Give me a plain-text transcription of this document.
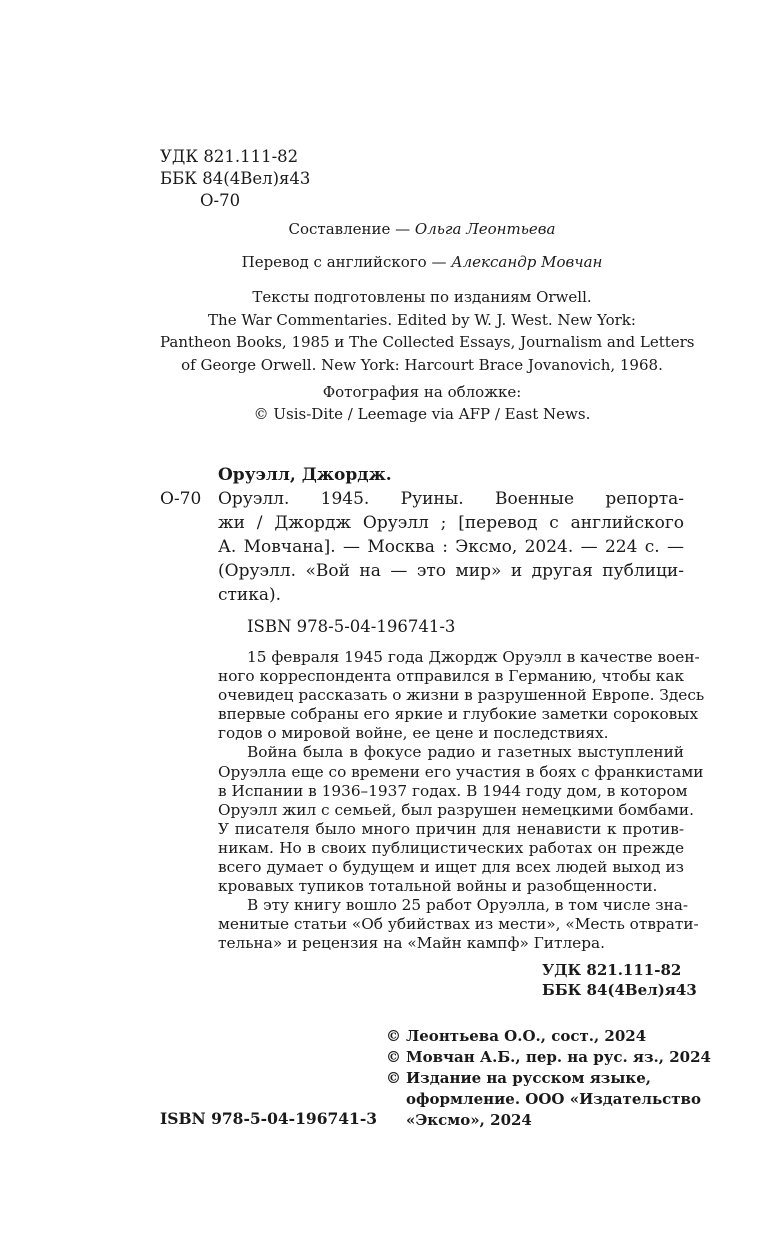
УДК 821.111-82
ББК 84(4Вел)я43
О-70
Составление — Ольга Леонтьева
Перевод с английского — Александр Мовчан
Тексты подготовлены по изданиям Orwell.
The War Commentaries. Edited by W. J. West. New York:
Pantheon Books, 1985 и The Collected Essays, Journalism and Letters
of George Orwell. New York: Harcourt Brace Jovanovich, 1968.
Фотография на обложке:
© Usis-Dite / Leemage via AFP / East News.
Оруэлл, Джордж.
О-70 Оруэлл. 1945. Руины. Военные репорта-
жи / Джордж Оруэлл ; [перевод с английского
А. Мовчана]. — Москва : Эксмо, 2024. — 224 с. —
(Оруэлл. «Вой на — это мир» и другая публици-
стика).
ISBN 978-5-04-196741-3
15 февраля 1945 года Джордж Оруэлл в качестве воен-
ного корреспондента отправился в Германию, чтобы как
очевидец рассказать о жизни в разрушенной Европе. Здесь
впервые собраны его яркие и глубокие заметки сороковых
годов о мировой войне, ее цене и последствиях.
Война была в фокусе радио и газетных выступлений
Оруэлла еще со времени его участия в боях с франкистами
в Испании в 1936–1937 годах. В 1944 году дом, в котором
Оруэлл жил с семьей, был разрушен немецкими бомбами.
У писателя было много причин для ненависти к против-
никам. Но в своих публицистических работах он прежде
всего думает о будущем и ищет для всех людей выход из
кровавых тупиков тотальной войны и разобщенности.
В эту книгу вошло 25 работ Оруэлла, в том числе зна-
менитые статьи «Об убийствах из мести», «Месть отврати-
тельна» и рецензия на «Майн кампф» Гитлера.
УДК 821.111-82
ББК 84(4Вел)я43
© Леонтьева О.О., сост., 2024
© Мовчан А.Б., пер. на рус. яз., 2024
© Издание на русском языке,
оформление. ООО «Издательство
«Эксмо», 2024
ISBN 978-5-04-196741-3
